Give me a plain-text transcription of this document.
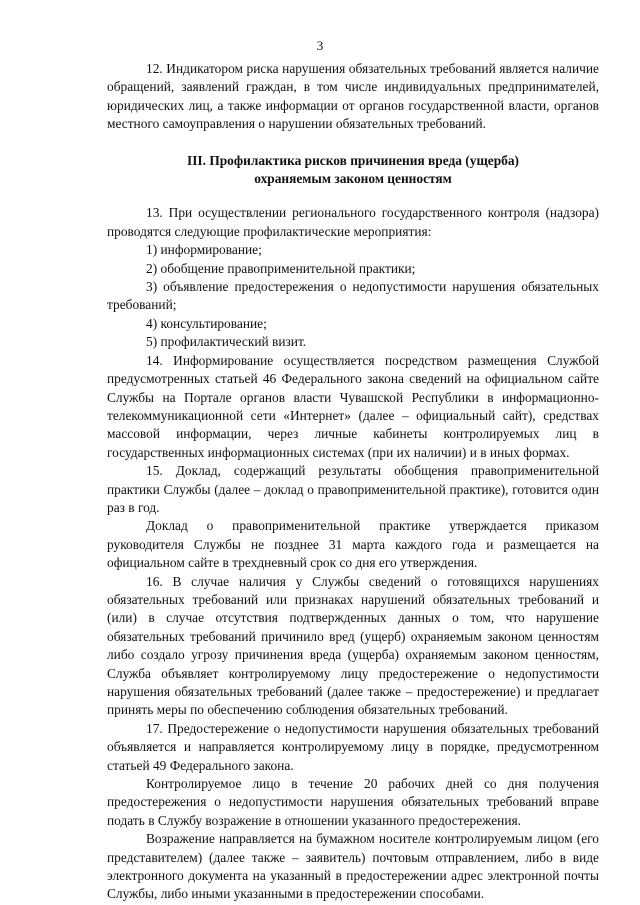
3

12. Индикатором риска нарушения обязательных требований является наличие обращений, заявлений граждан, в том числе индивидуальных предпринимателей, юридических лиц, а также информации от органов государственной власти, органов местного самоуправления о нарушении обязательных требований.

III. Профилактика рисков причинения вреда (ущерба)
охраняемым законом ценностям

13. При осуществлении регионального государственного контроля (надзора) проводятся следующие профилактические мероприятия:

1) информирование;

2) обобщение правоприменительной практики;

3) объявление предостережения о недопустимости нарушения обязательных требований;

4) консультирование;

5) профилактический визит.

14. Информирование осуществляется посредством размещения Службой предусмотренных статьей 46 Федерального закона сведений на официальном сайте Службы на Портале органов власти Чувашской Республики в информационно-телекоммуникационной сети «Интернет» (далее – официальный сайт), средствах массовой информации, через личные кабинеты контролируемых лиц в государственных информационных системах (при их наличии) и в иных формах.

15. Доклад, содержащий результаты обобщения правоприменительной практики Службы (далее – доклад о правоприменительной практике), готовится один раз в год.

Доклад о правоприменительной практике утверждается приказом руководителя Службы не позднее 31 марта каждого года и размещается на официальном сайте в трехдневный срок со дня его утверждения.

16. В случае наличия у Службы сведений о готовящихся нарушениях обязательных требований или признаках нарушений обязательных требований и (или) в случае отсутствия подтвержденных данных о том, что нарушение обязательных требований причинило вред (ущерб) охраняемым законом ценностям либо создало угрозу причинения вреда (ущерба) охраняемым законом ценностям, Служба объявляет контролируемому лицу предостережение о недопустимости нарушения обязательных требований (далее также – предостережение) и предлагает принять меры по обеспечению соблюдения обязательных требований.

17. Предостережение о недопустимости нарушения обязательных требований объявляется и направляется контролируемому лицу в порядке, предусмотренном статьей 49 Федерального закона.

Контролируемое лицо в течение 20 рабочих дней со дня получения предостережения о недопустимости нарушения обязательных требований вправе подать в Службу возражение в отношении указанного предостережения.

Возражение направляется на бумажном носителе контролируемым лицом (его представителем) (далее также – заявитель) почтовым отправлением, либо в виде электронного документа на указанный в предостережении адрес электронной почты Службы, либо иными указанными в предостережении способами.
